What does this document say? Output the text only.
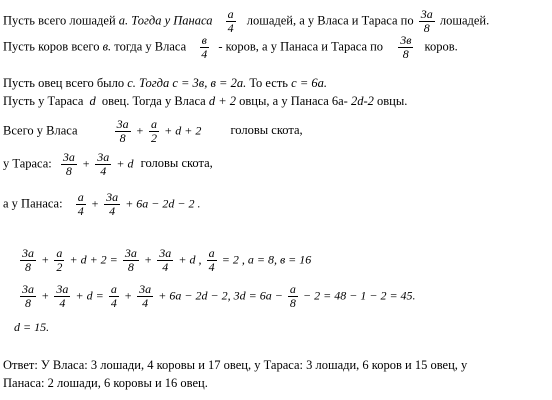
Пусть всего лошадей а. Тогда у Панаса $\frac{а}{4}$ лошадей, а у Власа и Тараса по $\frac{3а}{8}$ лошадей.
Пусть коров всего в. тогда у Власа $\frac{в}{4}$ - коров, а у Панаса и Тараса по $\frac{3в}{8}$ коров.
Пусть овец всего было с. Тогда с = 3в, в = 2а. То есть с = 6а.
Пусть у Тараса d овец. Тогда у Власа d + 2 овцы, а у Панаса 6а- 2d-2 овцы.
Всего у Власа	$\frac{3а}{8} + \frac{а}{2} + d + 2$ головы скота,
у Тараса: $\frac{3а}{8} + \frac{3а}{4} + d$ головы скота,
а у Панаса: $\frac{а}{4} + \frac{3а}{4} + 6а - 2d - 2$ .
$\frac{3а}{8} + \frac{а}{2} + d + 2 = \frac{3а}{8} + \frac{3а}{4} + d$ , $\frac{а}{4} = 2$ , а = 8, в = 16
$\frac{3а}{8} + \frac{3а}{4} + d = \frac{а}{4} + \frac{3а}{4} + 6а - 2d - 2$, $3d = 6а - \frac{а}{8} - 2 = 48 - 1 - 2 = 45$.
d = 15.
Ответ: У Власа: 3 лошади, 4 коровы и 17 овец, у Тараса: 3 лошади, 6 коров и 15 овец, у
Панаса: 2 лошади, 6 коровы и 16 овец.
